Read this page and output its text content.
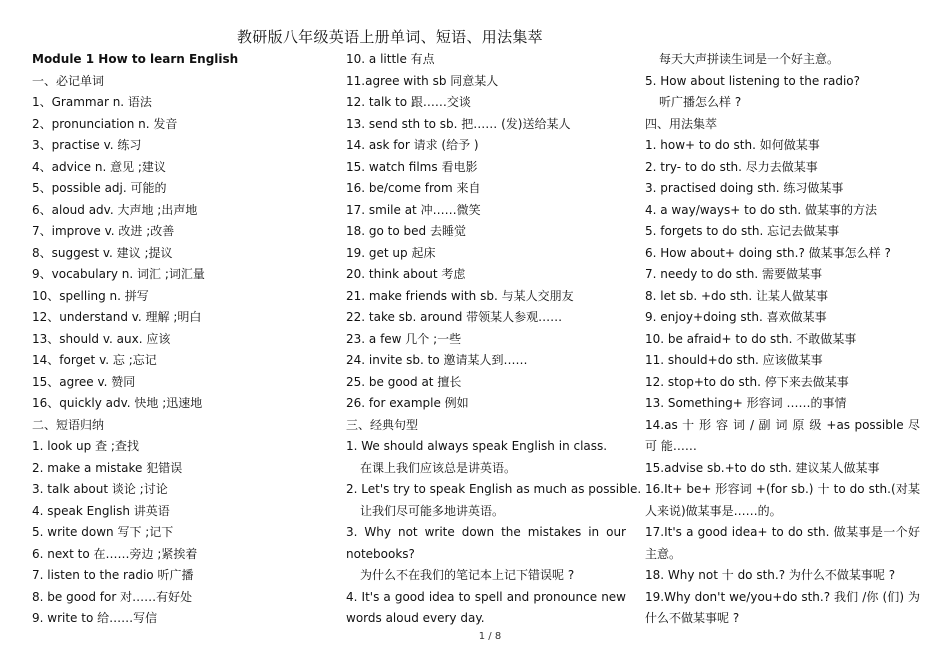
教研版八年级英语上册单词、短语、用法集萃
Module 1 How to learn English
一、必记单词
1、Grammar n. 语法
2、pronunciation n. 发音
3、practise v. 练习
4、advice n. 意见 ;建议
5、possible adj. 可能的
6、aloud adv. 大声地 ;出声地
7、improve v. 改进 ;改善
8、suggest v. 建议 ;提议
9、vocabulary n. 词汇 ;词汇量
10、spelling n. 拼写
12、understand v. 理解 ;明白
13、should v. aux. 应该
14、forget v. 忘 ;忘记
15、agree v. 赞同
16、quickly adv. 快地 ;迅速地
二、短语归纳
1. look up 查 ;查找
2. make a mistake 犯错误
3. talk about 谈论 ;讨论
4. speak English 讲英语
5. write down 写下 ;记下
6. next to 在……旁边 ;紧挨着
7. listen to the radio 听广播
8. be good for 对……有好处
9. write to 给……写信
10. a little 有点
11.agree with sb 同意某人
12. talk to 跟……交谈
13. send sth to sb. 把…… (发)送给某人
14. ask for 请求 (给予 )
15. watch films 看电影
16. be/come from 来自
17. smile at 冲……微笑
18. go to bed 去睡觉
19. get up 起床
20. think about 考虑
21. make friends with sb. 与某人交朋友
22. take sb. around 带领某人参观……
23. a few 几个 ;一些
24. invite sb. to 邀请某人到……
25. be good at 擅长
26. for example 例如
三、经典句型
1. We should always speak English in class.
在课上我们应该总是讲英语。
2. Let's try to speak English as much as possible.
让我们尽可能多地讲英语。
3. Why not write down the mistakes in our notebooks?
为什么不在我们的笔记本上记下错误呢 ?
4. It's a good idea to spell and pronounce new words aloud every day.
每天大声拼读生词是一个好主意。
5. How about listening to the radio?
听广播怎么样 ?
四、用法集萃
1. how+ to do sth. 如何做某事
2. try- to do sth. 尽力去做某事
3. practised doing sth. 练习做某事
4. a way/ways+ to do sth. 做某事的方法
5. forgets to do sth. 忘记去做某事
6. How about+ doing sth.? 做某事怎么样 ?
7. needy to do sth. 需要做某事
8. let sb. +do sth. 让某人做某事
9. enjoy+doing sth. 喜欢做某事
10. be afraid+ to do sth. 不敢做某事
11. should+do sth. 应该做某事
12. stop+to do sth. 停下来去做某事
13. Something+ 形容词 ……的事情
14.as 十 形 容 词 / 副 词 原 级 +as possible 尽 可 能……
15.advise sb.+to do sth. 建议某人做某事
16.It+ be+ 形容词 +(for sb.) 十 to do sth.(对某人来说)做某事是……的。
17.It's a good idea+ to do sth. 做某事是一个好主意。
18. Why not 十 do sth.? 为什么不做某事呢 ?
19.Why don't we/you+do sth.? 我们 /你 (们) 为什么不做某事呢 ?
1 / 8
